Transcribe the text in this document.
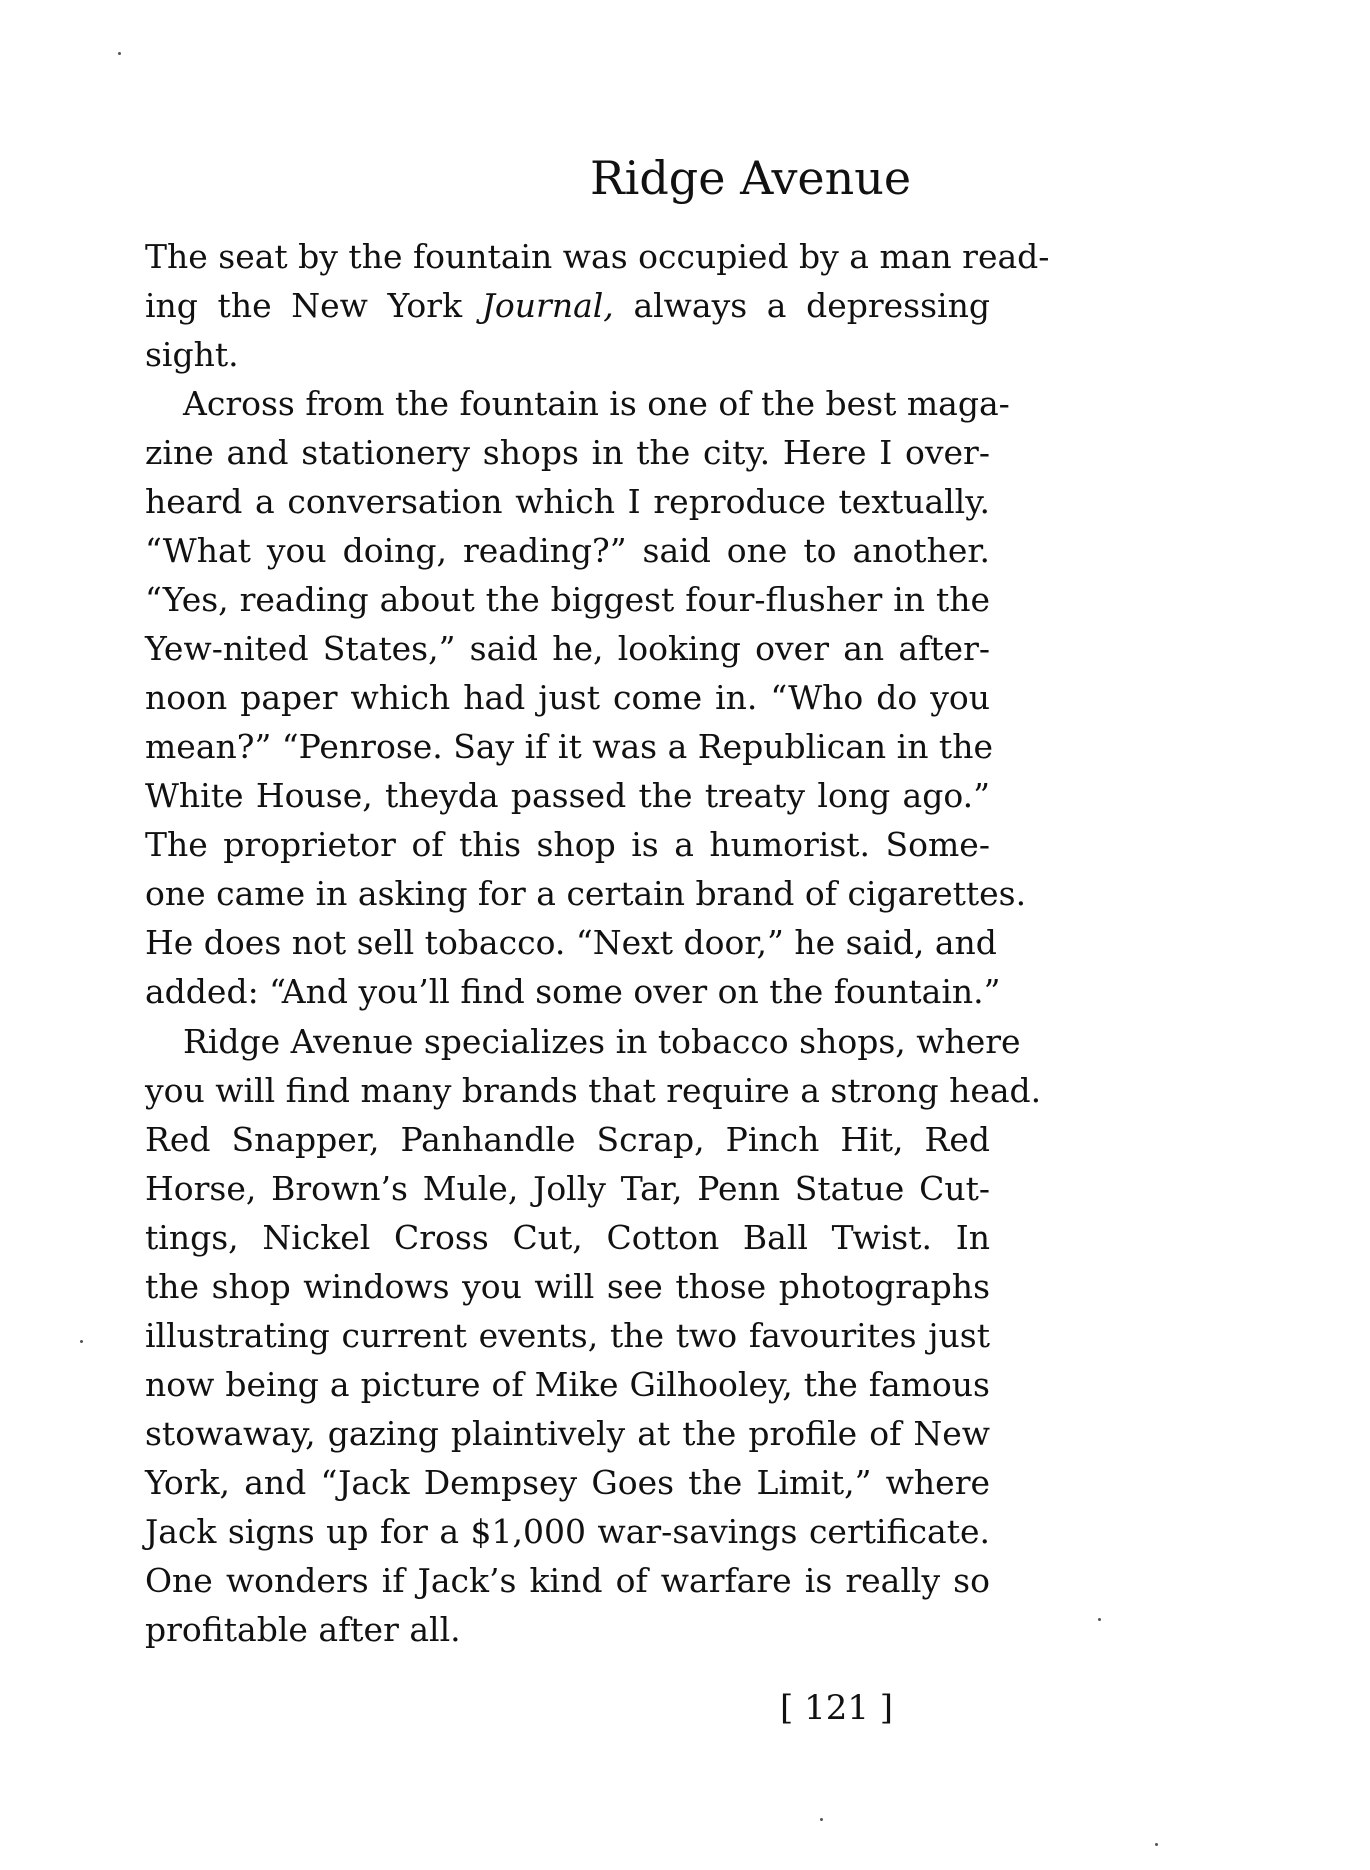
Ridge Avenue
The seat by the fountain was occupied by a man read-
ing the New York Journal, always a depressing
sight.
Across from the fountain is one of the best maga-
zine and stationery shops in the city. Here I over-
heard a conversation which I reproduce textually.
“What you doing, reading?” said one to another.
“Yes, reading about the biggest four-flusher in the
Yew-nited States,” said he, looking over an after-
noon paper which had just come in. “Who do you
mean?” “Penrose. Say if it was a Republican in the
White House, theyda passed the treaty long ago.”
The proprietor of this shop is a humorist. Some-
one came in asking for a certain brand of cigarettes.
He does not sell tobacco. “Next door,” he said, and
added: “And you’ll find some over on the fountain.”
Ridge Avenue specializes in tobacco shops, where
you will find many brands that require a strong head.
Red Snapper, Panhandle Scrap, Pinch Hit, Red
Horse, Brown’s Mule, Jolly Tar, Penn Statue Cut-
tings, Nickel Cross Cut, Cotton Ball Twist. In
the shop windows you will see those photographs
illustrating current events, the two favourites just
now being a picture of Mike Gilhooley, the famous
stowaway, gazing plaintively at the profile of New
York, and “Jack Dempsey Goes the Limit,” where
Jack signs up for a $1,000 war-savings certificate.
One wonders if Jack’s kind of warfare is really so
profitable after all.
[ 121 ]
